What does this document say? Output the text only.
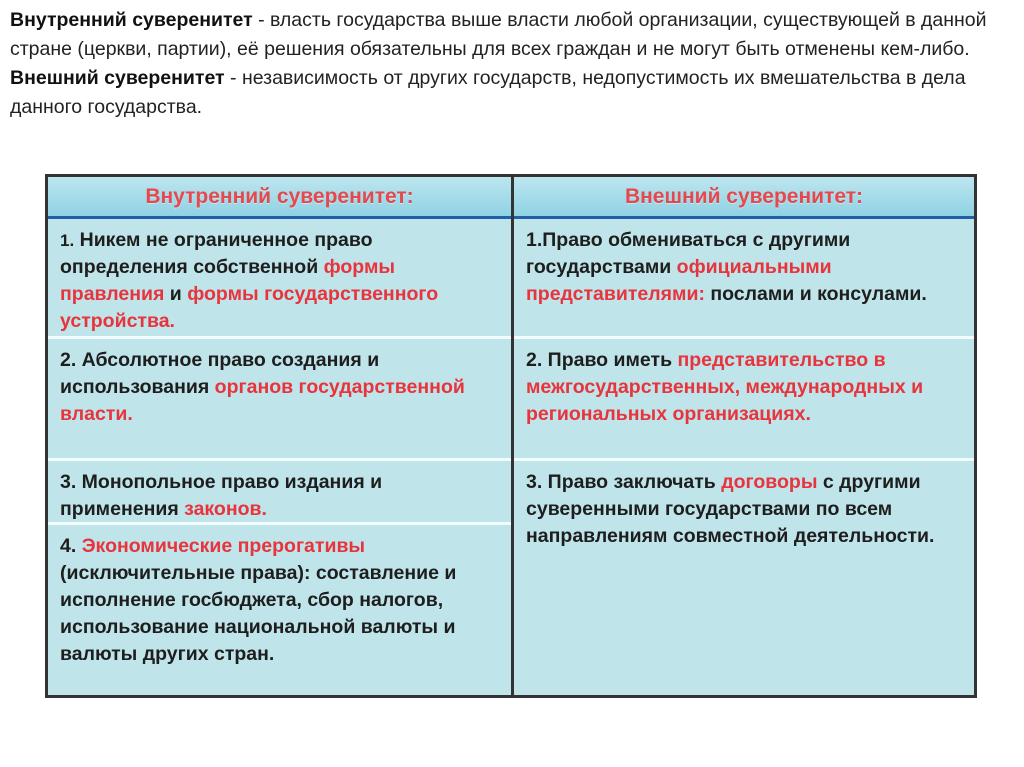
Внутренний суверенитет - власть государства выше власти любой организации, существующей в данной стране (церкви, партии), её решения обязательны для всех граждан и не могут быть отменены кем-либо.

Внешний суверенитет - независимость от других государств, недопустимость их вмешательства в дела данного государства.

Внутренний суверенитет:
1. Никем не ограниченное право определения собственной формы правления и формы государственного устройства.
2. Абсолютное право создания и использования органов государственной власти.
3. Монопольное право издания и применения законов.
4. Экономические прерогативы (исключительные права): составление и исполнение госбюджета, сбор налогов, использование национальной валюты и валюты других стран.
Внешний суверенитет:
1.Право обмениваться с другими государствами официальными представителями: послами и консулами.
2. Право иметь представительство в межгосударственных, международных и региональных организациях.
3. Право заключать договоры с другими суверенными государствами по всем направлениям совместной деятельности.
